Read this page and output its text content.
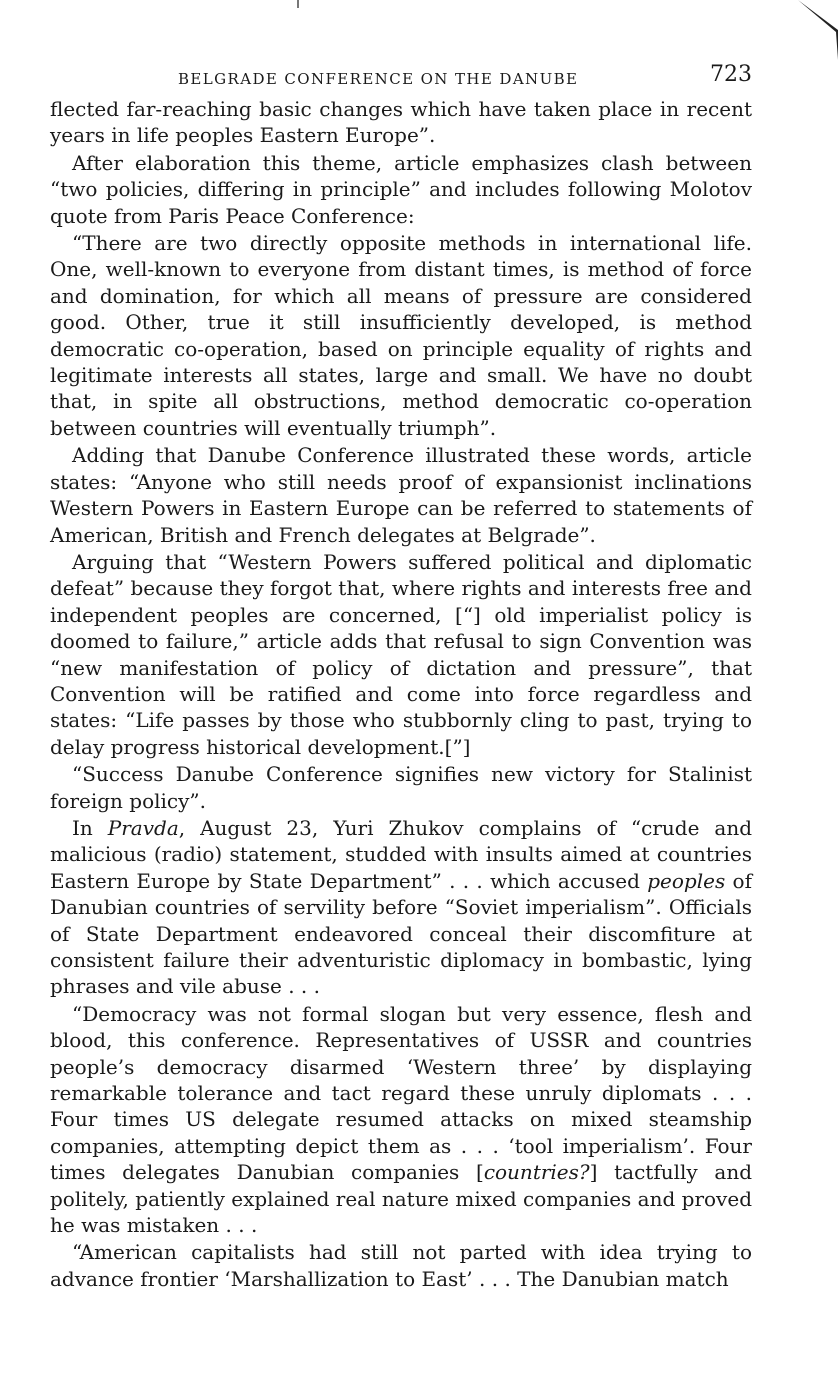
BELGRADE CONFERENCE ON THE DANUBE	723

flected far-reaching basic changes which have taken place in recent years in life peoples Eastern Europe”.

After elaboration this theme, article emphasizes clash between “two policies, differing in principle” and includes following Molotov quote from Paris Peace Conference:

“There are two directly opposite methods in international life. One, well-known to everyone from distant times, is method of force and domination, for which all means of pressure are considered good. Other, true it still insufficiently developed, is method democratic co-operation, based on principle equality of rights and legitimate interests all states, large and small. We have no doubt that, in spite all obstructions, method democratic co-operation between countries will eventually triumph”.

Adding that Danube Conference illustrated these words, article states: “Anyone who still needs proof of expansionist inclinations Western Powers in Eastern Europe can be referred to statements of American, British and French delegates at Belgrade”.

Arguing that “Western Powers suffered political and diplomatic defeat” because they forgot that, where rights and interests free and independent peoples are concerned, [“] old imperialist policy is doomed to failure,” article adds that refusal to sign Convention was “new manifestation of policy of dictation and pressure”, that Convention will be ratified and come into force regardless and states: “Life passes by those who stubbornly cling to past, trying to delay progress historical development.[”]

“Success Danube Conference signifies new victory for Stalinist foreign policy”.

In Pravda, August 23, Yuri Zhukov complains of “crude and malicious (radio) statement, studded with insults aimed at countries Eastern Europe by State Department” . . . which accused peoples of Danubian countries of servility before “Soviet imperialism”. Officials of State Department endeavored conceal their discomfiture at consistent failure their adventuristic diplomacy in bombastic, lying phrases and vile abuse . . .

“Democracy was not formal slogan but very essence, flesh and blood, this conference. Representatives of USSR and countries people’s democracy disarmed ‘Western three’ by displaying remarkable tolerance and tact regard these unruly diplomats . . . Four times US delegate resumed attacks on mixed steamship companies, attempting depict them as . . . ‘tool imperialism’. Four times delegates Danubian companies [countries?] tactfully and politely, patiently explained real nature mixed companies and proved he was mistaken . . .

“American capitalists had still not parted with idea trying to advance frontier ‘Marshallization to East’ . . . The Danubian match
